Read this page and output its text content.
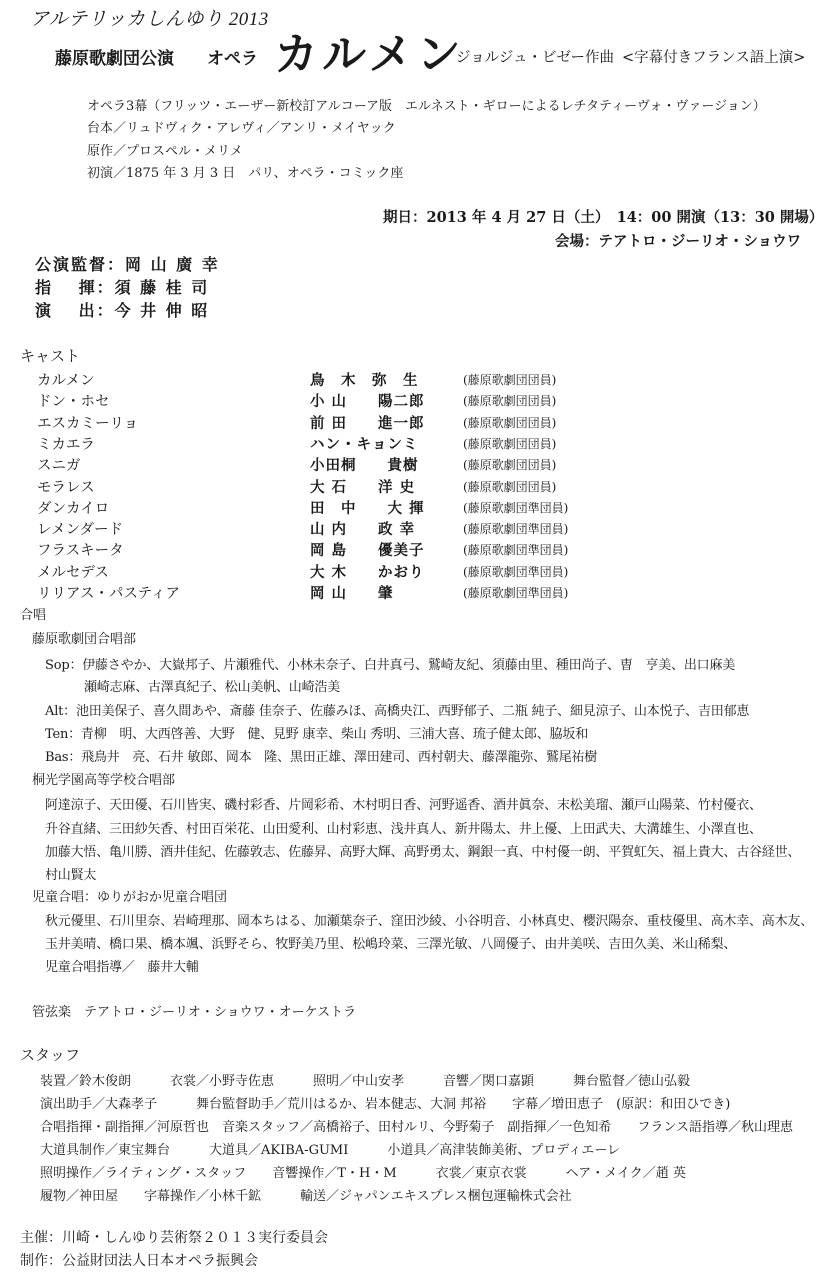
アルテリッカしんゆり 2013
藤原歌劇団公演 オペラ カルメン
ジョルジュ・ビゼー作曲 <字幕付きフランス語上演>
オペラ3幕（フリッツ・エーザー新校訂アルコーア版　エルネスト・ギローによるレチタティーヴォ・ヴァージョン）
台本／リュドヴィク・アレヴィ／アンリ・メイヤック
原作／プロスペル・メリメ
初演／1875 年 3 月 3 日　パリ、オペラ・コミック座
期日：2013 年 4 月 27 日（土）　14：00 開演（13：30 開場）
会場：テアトロ・ジーリオ・ショウワ
公演監督：岡 山 廣 幸
指　 揮：須 藤 桂 司
演　 出：今 井 伸 昭
キャスト
カルメン	鳥　木　弥　生	(藤原歌劇団団員)
ドン・ホセ	小 山　　陽二郎	(藤原歌劇団団員)
エスカミーリョ	前 田　　進一郎	(藤原歌劇団団員)
ミカエラ	ハン・キョンミ	(藤原歌劇団団員)
スニガ	小田桐　　貴樹	(藤原歌劇団団員)
モラレス	大 石　　洋 史	(藤原歌劇団団員)
ダンカイロ	田　中　　大 揮	(藤原歌劇団準団員)
レメンダード	山 内　　政 幸	(藤原歌劇団準団員)
フラスキータ	岡 島　　優美子	(藤原歌劇団準団員)
メルセデス	大 木　　かおり	(藤原歌劇団準団員)
リリアス・パスティア	岡 山　　肇	(藤原歌劇団準団員)
合唱
藤原歌劇団合唱部
Sop：伊藤さやか、大嶽邦子、片瀬雅代、小林未奈子、白井真弓、鷲崎友紀、須藤由里、種田尚子、曺　亨美、出口麻美
瀬崎志麻、古澤真紀子、松山美帆、山崎浩美
Alt：池田美保子、喜久間あや、斎藤 佳奈子、佐藤みほ、高橋央江、西野郁子、二瓶 純子、細見涼子、山本悦子、吉田郁恵
Ten：青柳　明、大西啓善、大野　健、見野 康幸、柴山 秀明、三浦大喜、琉子健太郎、脇坂和
Bas：飛鳥井　亮、石井 敏郎、岡本　隆、黒田正雄、澤田建司、西村朝夫、藤澤龍弥、鷲尾祐樹
桐光学園高等学校合唱部
阿達涼子、天田優、石川皆実、磯村彩香、片岡彩希、木村明日香、河野遥香、酒井眞奈、末松美瑠、瀬戸山陽菜、竹村優衣、
升谷直緒、三田紗矢香、村田百栄花、山田愛利、山村彩恵、浅井真人、新井陽太、井上優、上田武夫、大溝雄生、小澤直也、
加藤大悟、亀川勝、酒井佳紀、佐藤敦志、佐藤昇、高野大輝、高野勇太、鋼銀一真、中村優一朗、平賀虹矢、福上貴大、古谷経世、
村山賢太
児童合唱：ゆりがおか児童合唱団
秋元優里、石川里奈、岩崎理那、岡本ちはる、加瀬葉奈子、窪田沙綾、小谷明音、小林真史、櫻沢陽奈、重枝優里、高木幸、高木友、
玉井美晴、橋口果、橋本颯、浜野そら、牧野美乃里、松嶋玲菜、三澤光敏、八岡優子、由井美咲、吉田久美、米山稀梨、
児童合唱指導／　藤井大輔
管弦楽　テアトロ・ジーリオ・ショウワ・オーケストラ
スタッフ
装置／鈴木俊朗　　　衣裳／小野寺佐恵　　　照明／中山安孝　　　音響／関口嘉顕　　　舞台監督／徳山弘毅
演出助手／大森孝子　　　舞台監督助手／荒川はるか、岩本健志、大洞 邦裕　　字幕／増田恵子　(原訳：和田ひでき)
合唱指揮・副指揮／河原哲也　音楽スタッフ／高橋裕子、田村ルリ、今野菊子　副指揮／一色知希　　フランス語指導／秋山理恵
大道具制作／東宝舞台　　　大道具／AKIBA-GUMI　　　小道具／高津装飾美術、プロディエーレ
照明操作／ライティング・スタッフ　　音響操作／T・H・M　　　衣裳／東京衣裳　　　ヘア・メイク／趙 英
履物／神田屋　　字幕操作／小林千鉱　　　輸送／ジャパンエキスプレス梱包運輸株式会社
主催：川崎・しんゆり芸術祭２０１３実行委員会
制作：公益財団法人日本オペラ振興会
